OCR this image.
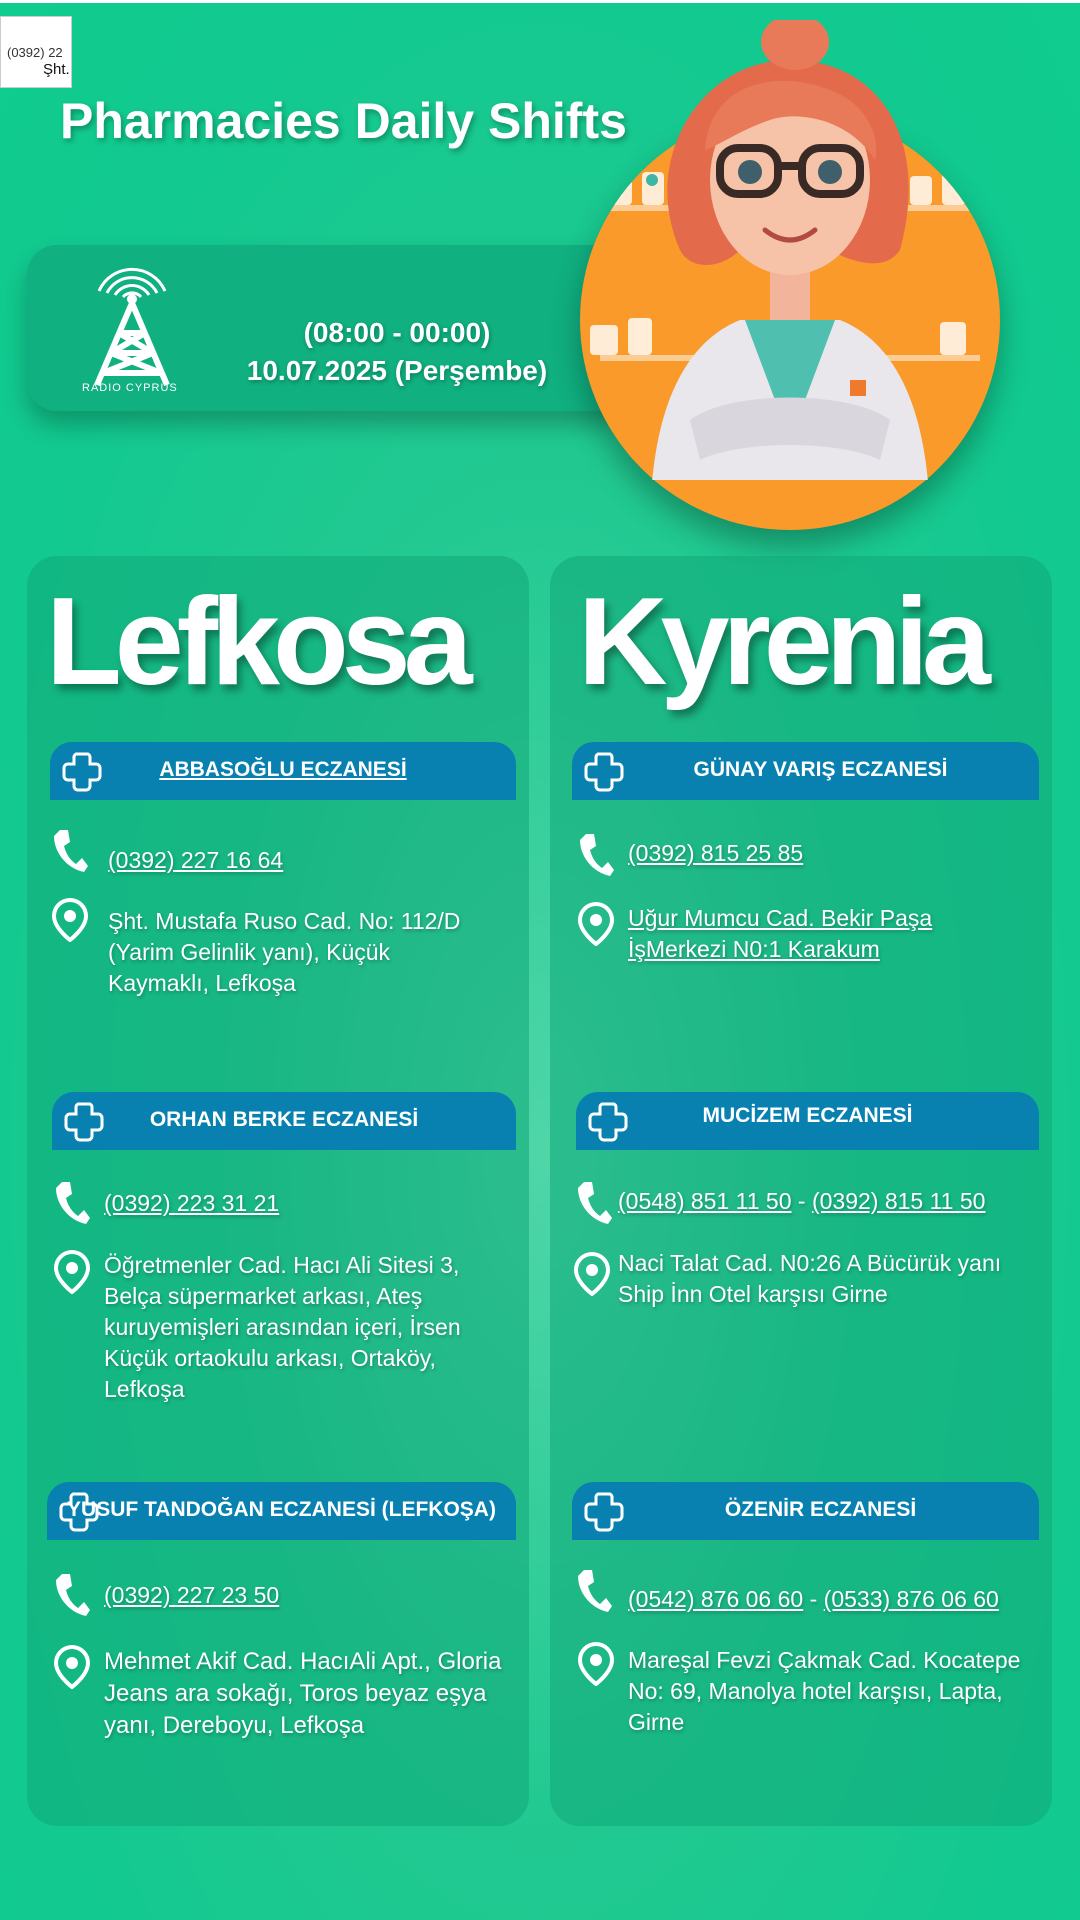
(0392) 22
Şht.
Pharmacies Daily Shifts
RADIO CYPRUS
(08:00 - 00:00)
10.07.2025 (Perşembe)
Lefkosa
ABBASOĞLU ECZANESİ
(0392) 227 16 64
Şht. Mustafa Ruso Cad. No: 112/D (Yarim Gelinlik yanı), Küçük Kaymaklı, Lefkoşa
ORHAN BERKE ECZANESİ
(0392) 223 31 21
Öğretmenler Cad. Hacı Ali Sitesi 3, Belça süpermarket arkası, Ateş kuruyemişleri arasından içeri, İrsen Küçük ortaokulu arkası, Ortaköy, Lefkoşa
YUSUF TANDOĞAN ECZANESİ (LEFKOŞA)
(0392) 227 23 50
Mehmet Akif Cad. HacıAli Apt., Gloria Jeans ara sokağı, Toros beyaz eşya yanı, Dereboyu, Lefkoşa
Kyrenia
GÜNAY VARIŞ ECZANESİ
(0392) 815 25 85
Uğur Mumcu Cad. Bekir Paşa İşMerkezi N0:1 Karakum
MUCİZEM ECZANESİ
(0548) 851 11 50 - (0392) 815 11 50
Naci Talat Cad. N0:26 A Bücürük yanı Ship İnn Otel karşısı Girne
ÖZENİR ECZANESİ
(0542) 876 06 60 - (0533) 876 06 60
Mareşal Fevzi Çakmak Cad. Kocatepe No: 69, Manolya hotel karşısı, Lapta, Girne
